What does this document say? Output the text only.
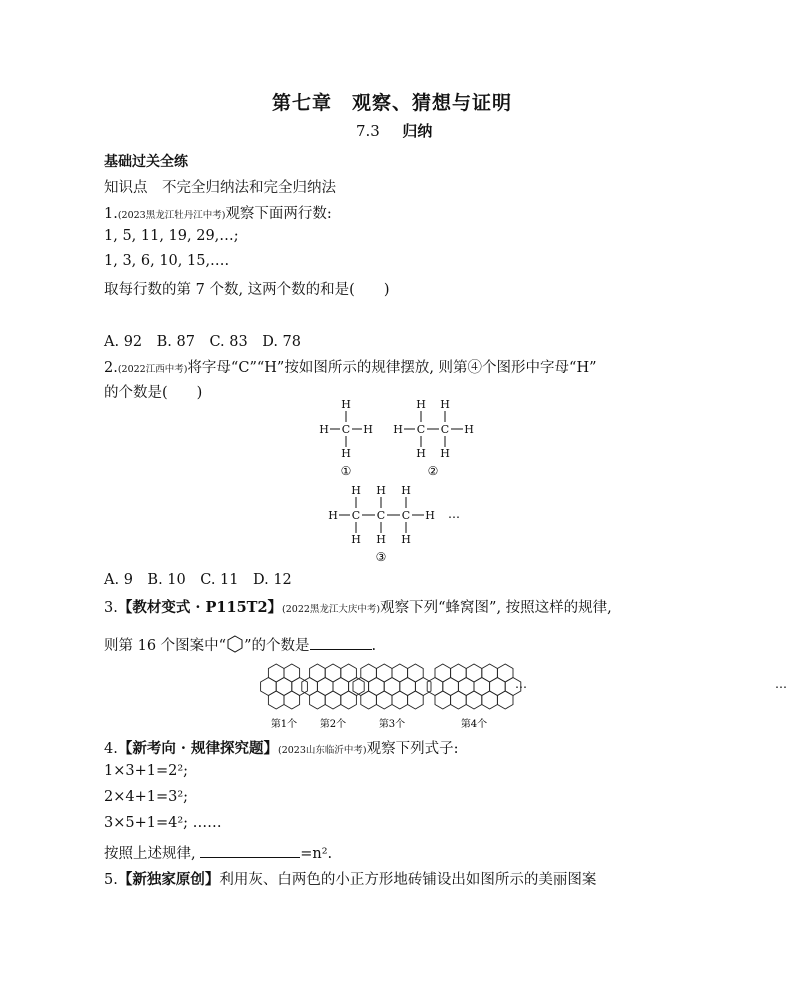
第七章　观察、猜想与证明
7.3 归纳
基础过关全练
知识点　不完全归纳法和完全归纳法
1.(2023黑龙江牡丹江中考)观察下面两行数:
1, 5, 11, 19, 29,…;
1, 3, 6, 10, 15,….
取每行数的第 7 个数, 这两个数的和是(　　)
A. 92　B. 87　C. 83　D. 78
2.(2022江西中考)将字母“C”“H”按如图所示的规律摆放, 则第④个图形中字母“H”
的个数是(　　)
H
H C H
H
H H
H C C H
H H
①	②
H H H
H C C C H
H H H
…
③
A. 9　B. 10　C. 11　D. 12
3.【教材变式 · P115T2】(2022黑龙江大庆中考)观察下列“蜂窝图”, 按照这样的规律,
则第 16 个图案中“ ”的个数是	.
…
第1个 第2个	第3个	第4个
…
4.【新考向 · 规律探究题】(2023山东临沂中考)观察下列式子:
1×3+1=2²;
2×4+1=3²;
3×5+1=4²; ……
按照上述规律,	=n².
5.【新独家原创】利用灰、白两色的小正方形地砖铺设出如图所示的美丽图案
